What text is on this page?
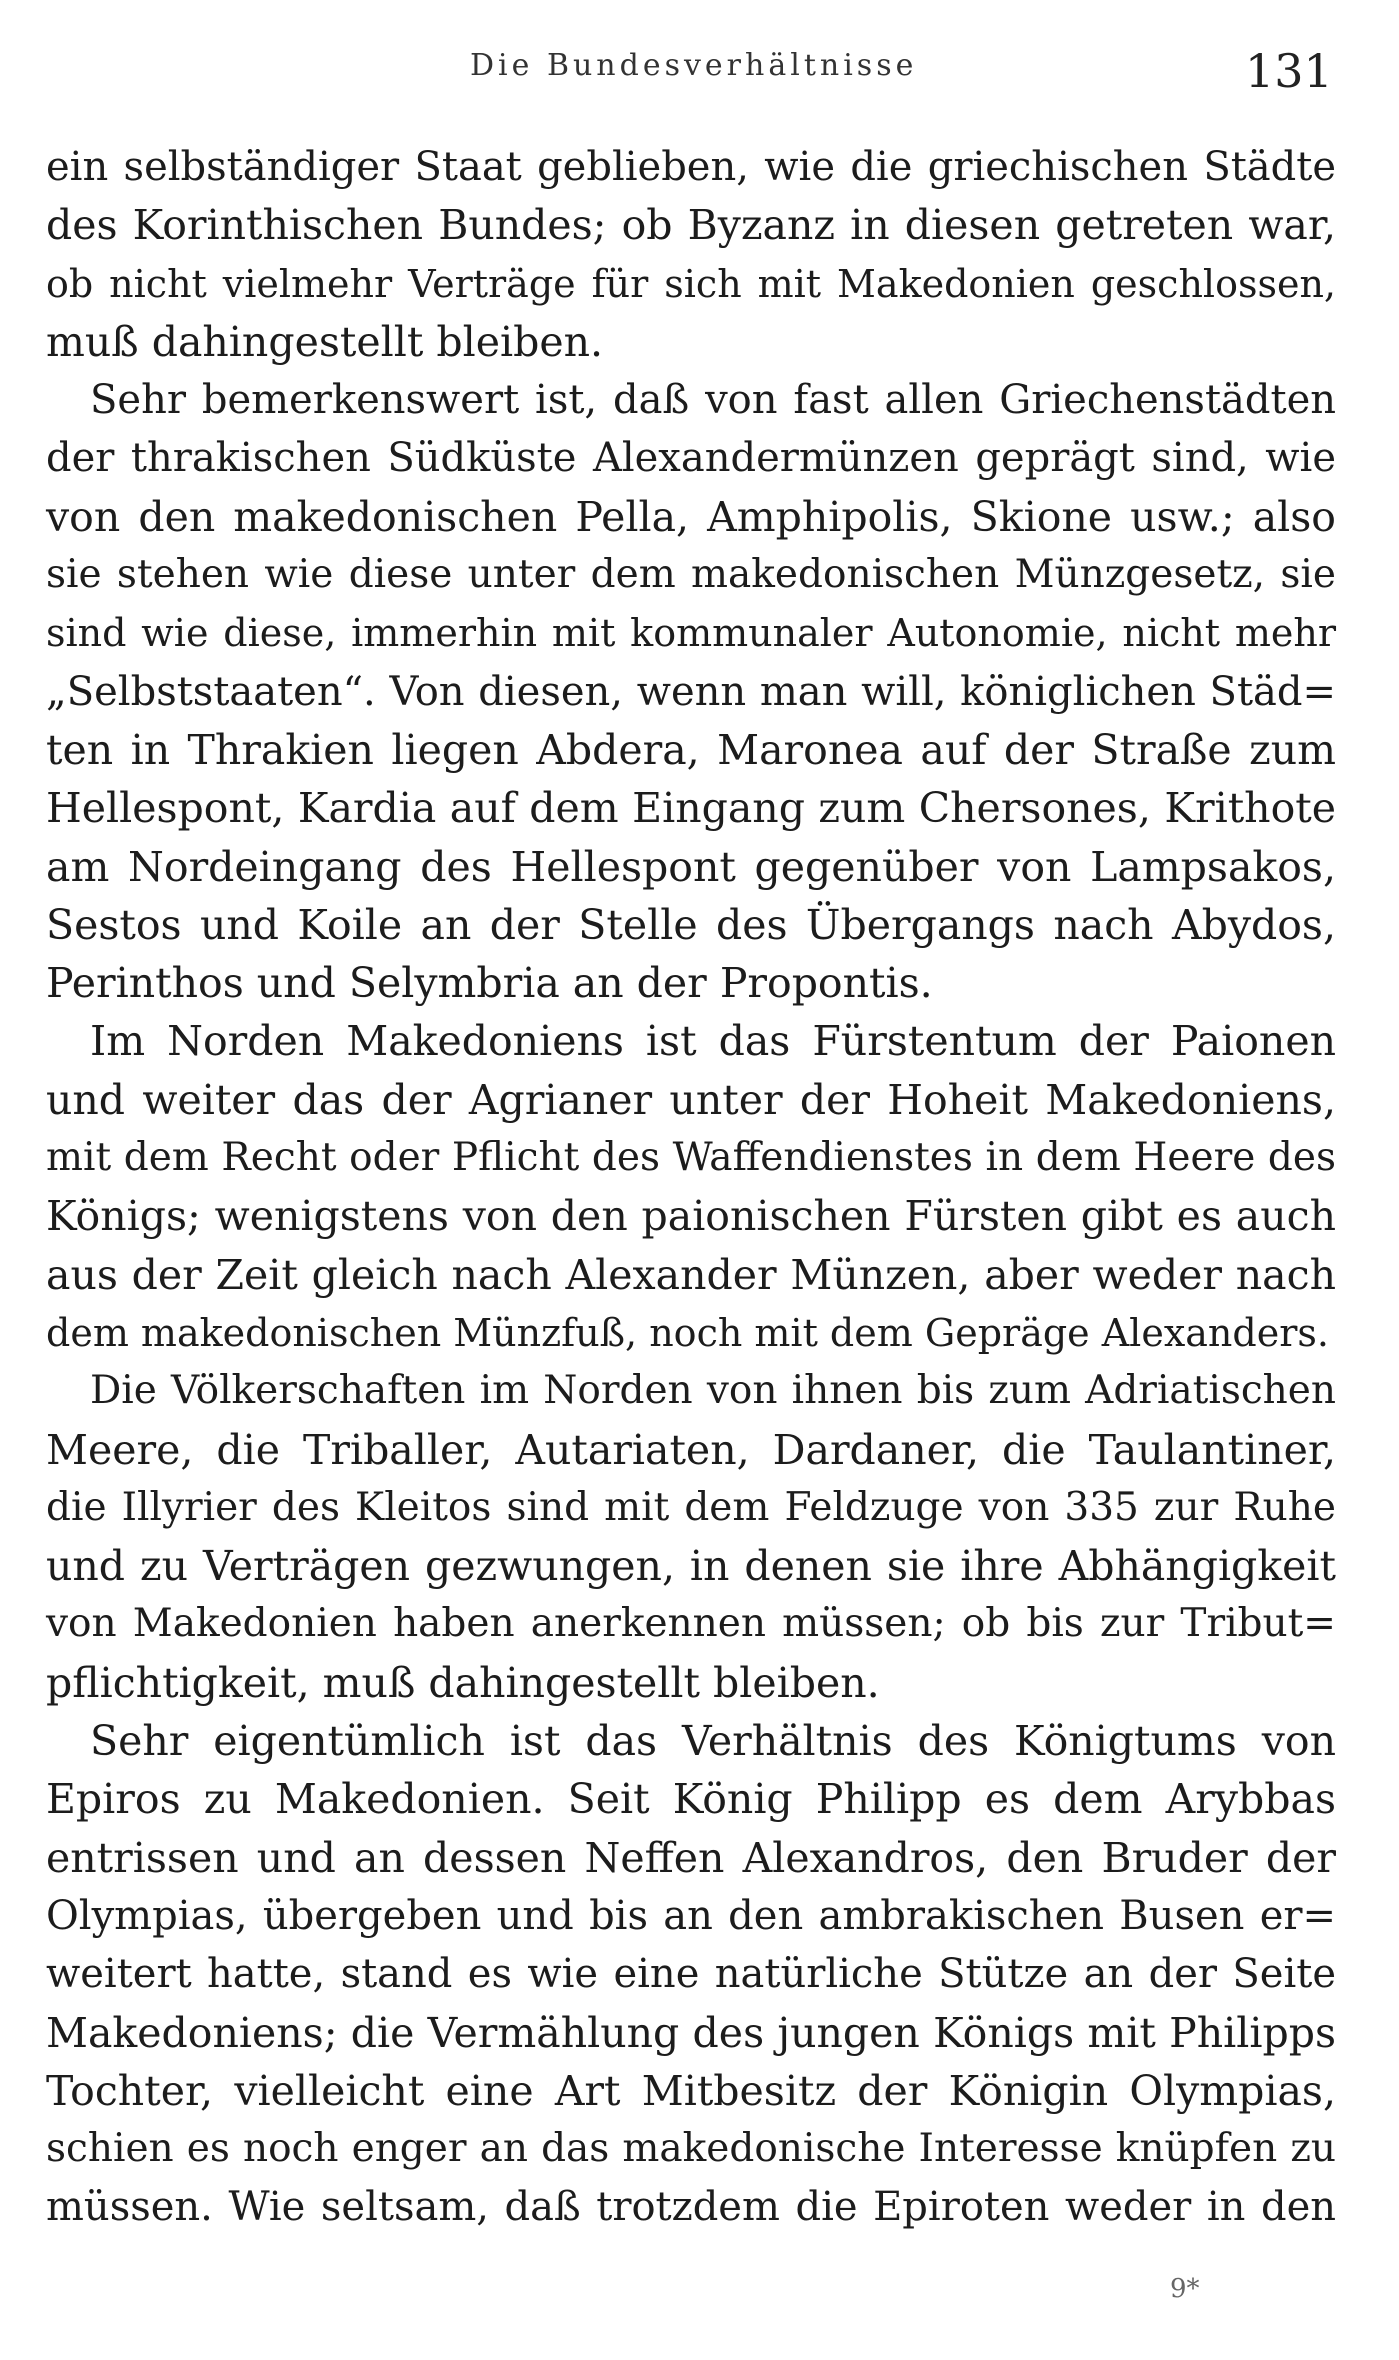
Die Bundesverhältnisse	131
ein selbständiger Staat geblieben, wie die griechischen Städte
des Korinthischen Bundes; ob Byzanz in diesen getreten war,
ob nicht vielmehr Verträge für sich mit Makedonien geschlossen,
muß dahingestellt bleiben.
Sehr bemerkenswert ist, daß von fast allen Griechenstädten
der thrakischen Südküste Alexandermünzen geprägt sind, wie
von den makedonischen Pella, Amphipolis, Skione usw.; also
sie stehen wie diese unter dem makedonischen Münzgesetz, sie
sind wie diese, immerhin mit kommunaler Autonomie, nicht mehr
„Selbststaaten“. Von diesen, wenn man will, königlichen Städ=
ten in Thrakien liegen Abdera, Maronea auf der Straße zum
Hellespont, Kardia auf dem Eingang zum Chersones, Krithote
am Nordeingang des Hellespont gegenüber von Lampsakos,
Sestos und Koile an der Stelle des Übergangs nach Abydos,
Perinthos und Selymbria an der Propontis.
Im Norden Makedoniens ist das Fürstentum der Paionen
und weiter das der Agrianer unter der Hoheit Makedoniens,
mit dem Recht oder Pflicht des Waffendienstes in dem Heere des
Königs; wenigstens von den paionischen Fürsten gibt es auch
aus der Zeit gleich nach Alexander Münzen, aber weder nach
dem makedonischen Münzfuß, noch mit dem Gepräge Alexanders.
Die Völkerschaften im Norden von ihnen bis zum Adriatischen
Meere, die Triballer, Autariaten, Dardaner, die Taulantiner,
die Illyrier des Kleitos sind mit dem Feldzuge von 335 zur Ruhe
und zu Verträgen gezwungen, in denen sie ihre Abhängigkeit
von Makedonien haben anerkennen müssen; ob bis zur Tribut=
pflichtigkeit, muß dahingestellt bleiben.
Sehr eigentümlich ist das Verhältnis des Königtums von
Epiros zu Makedonien. Seit König Philipp es dem Arybbas
entrissen und an dessen Neffen Alexandros, den Bruder der
Olympias, übergeben und bis an den ambrakischen Busen er=
weitert hatte, stand es wie eine natürliche Stütze an der Seite
Makedoniens; die Vermählung des jungen Königs mit Philipps
Tochter, vielleicht eine Art Mitbesitz der Königin Olympias,
schien es noch enger an das makedonische Interesse knüpfen zu
müssen. Wie seltsam, daß trotzdem die Epiroten weder in den
9*
